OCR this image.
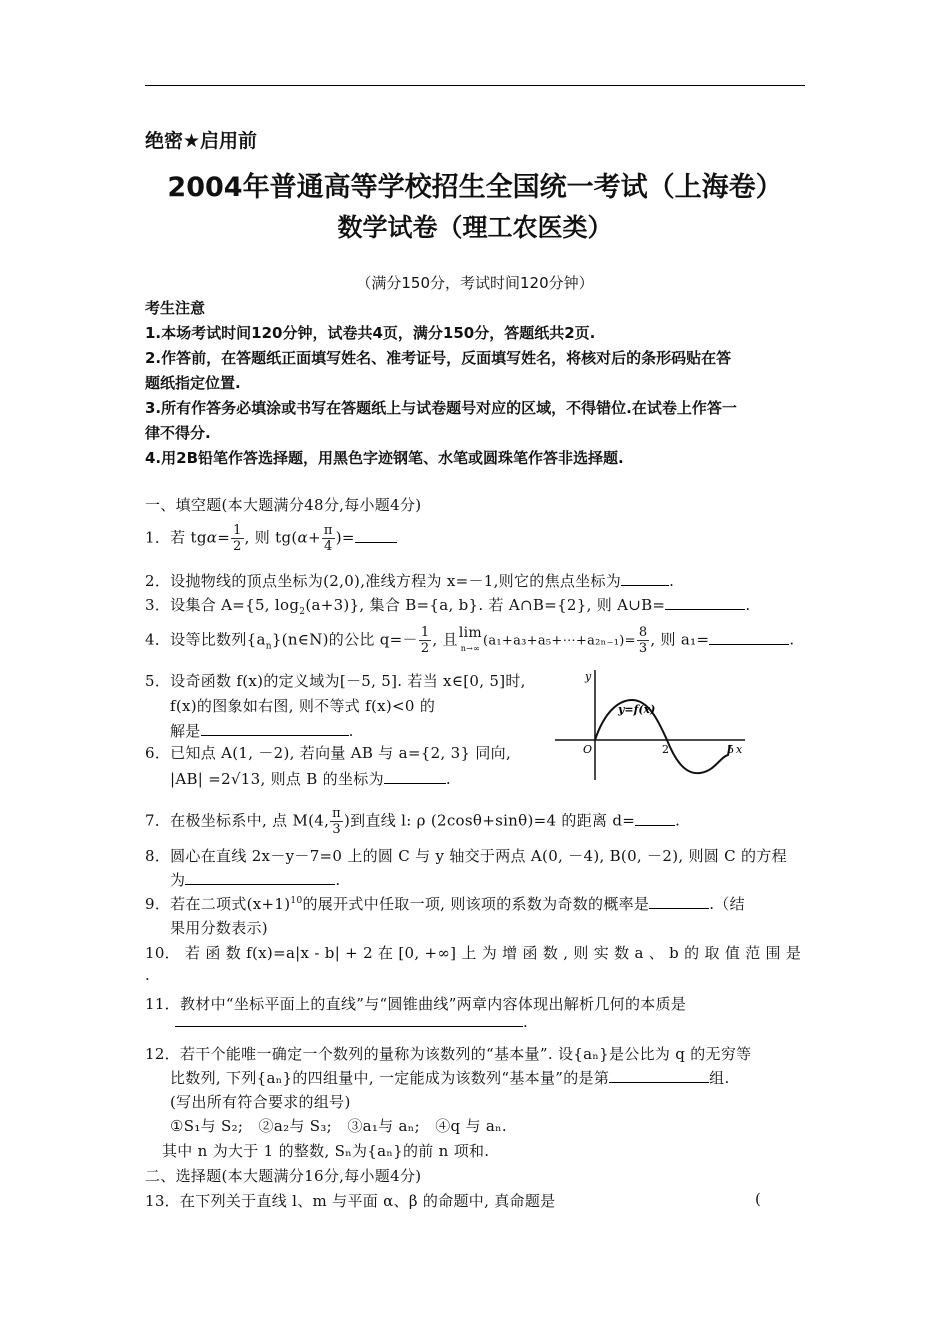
绝密★启用前
2004年普通高等学校招生全国统一考试（上海卷）
数学试卷（理工农医类）
（满分150分，考试时间120分钟）
考生注意
1.本场考试时间120分钟，试卷共4页，满分150分，答题纸共2页.
2.作答前，在答题纸正面填写姓名、准考证号，反面填写姓名，将核对后的条形码贴在答
题纸指定位置.
3.所有作答务必填涂或书写在答题纸上与试卷题号对应的区域，不得错位.在试卷上作答一
律不得分.
4.用2B铅笔作答选择题，用黑色字迹钢笔、水笔或圆珠笔作答非选择题.
一、填空题(本大题满分48分,每小题4分)
1．若 $tg\alpha= \frac{1}{2}$ , 则 $tg(\alpha+ \frac{\pi}{4}$ )=
2．设抛物线的顶点坐标为(2,0),准线方程为 x=－1,则它的焦点坐标为	.
3．设集合 A={5, $\log_2(a+3)$}, 集合 B={a, b}. 若 A∩B={2}, 则 A∪B=	.
4．设等比数列$\{a_n\}(n\in N)$的公比 $q=- \frac{1}{2}$ , 且 lim
n→∞ (a₁+a₃+a₅+⋯+a₂ₙ₋₁)= $\frac{8}{3}$ , 则 a₁=	.
5．设奇函数 f(x)的定义域为[－5, 5]. 若当 x∈[0, 5]时,
f(x)的图象如右图, 则不等式 f(x)<0 的
解是	.
y
y=f(x)
O	2	5 x
6．已知点 A(1, －2), 若向量 AB 与 a={2, 3} 同向,
|AB| =2√13, 则点 B 的坐标为	.
7．在极坐标系中, 点 M(4, $\frac{\pi}{3}$ )到直线 l: ρ (2cosθ+sinθ)=4 的距离 d=	.
8．圆心在直线 2x－y－7=0 上的圆 C 与 y 轴交于两点 A(0, －4), B(0, －2), 则圆 C 的方程
为	.
9．若在二项式$(x+1)^{10}$的展开式中任取一项, 则该项的系数为奇数的概率是	.（结
果用分数表示)
10． 若 函 数 f(x)=a|x - b| + 2 在 [0, +∞] 上 为 增 函 数 , 则 实 数 a 、 b 的 取 值 范 围 是
.
11．教材中“坐标平面上的直线”与“圆锥曲线”两章内容体现出解析几何的本质是
.
12．若干个能唯一确定一个数列的量称为该数列的“基本量”. 设{aₙ}是公比为 q 的无穷等
比数列, 下列{aₙ}的四组量中, 一定能成为该数列“基本量”的是第	组.
(写出所有符合要求的组号)
①S₁与 S₂;　②a₂与 S₃;　③a₁与 aₙ;　④q 与 aₙ.
其中 n 为大于 1 的整数, Sₙ为{aₙ}的前 n 项和.
二、选择题(本大题满分16分,每小题4分)
13．在下列关于直线 l、m 与平面 α、β 的命题中, 真命题是	(
